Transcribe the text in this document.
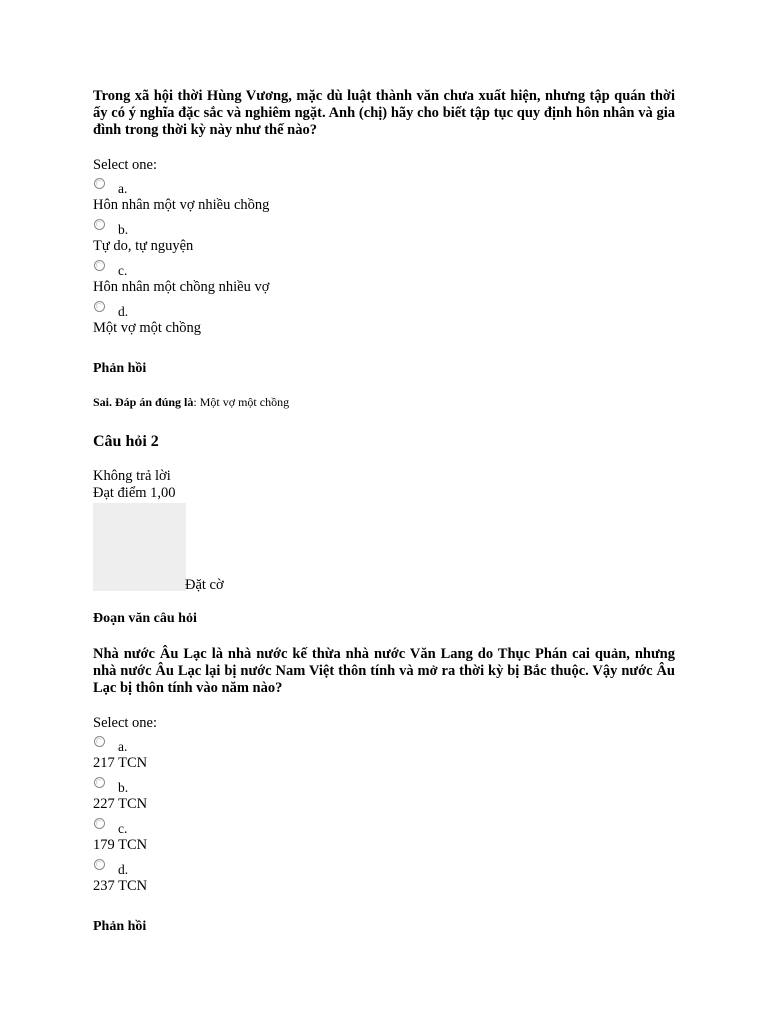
Trong xã hội thời Hùng Vương, mặc dù luật thành văn chưa xuất hiện, nhưng tập quán thời ấy có ý nghĩa đặc sắc và nghiêm ngặt. Anh (chị) hãy cho biết tập tục quy định hôn nhân và gia đình trong thời kỳ này như thế nào?

Select one:
a.
Hôn nhân một vợ nhiều chồng
b.
Tự do, tự nguyện
c.
Hôn nhân một chồng nhiều vợ
d.
Một vợ một chồng
Phản hồi
Sai. Đáp án đúng là: Một vợ một chồng
Câu hỏi 2
Không trả lời
Đạt điểm 1,00
Đặt cờ
Đoạn văn câu hỏi

Nhà nước Âu Lạc là nhà nước kế thừa nhà nước Văn Lang do Thục Phán cai quản, nhưng nhà nước Âu Lạc lại bị nước Nam Việt thôn tính và mở ra thời kỳ bị Bắc thuộc. Vậy nước Âu Lạc bị thôn tính vào năm nào?

Select one:
a.
217 TCN
b.
227 TCN
c.
179 TCN
d.
237 TCN
Phản hồi
